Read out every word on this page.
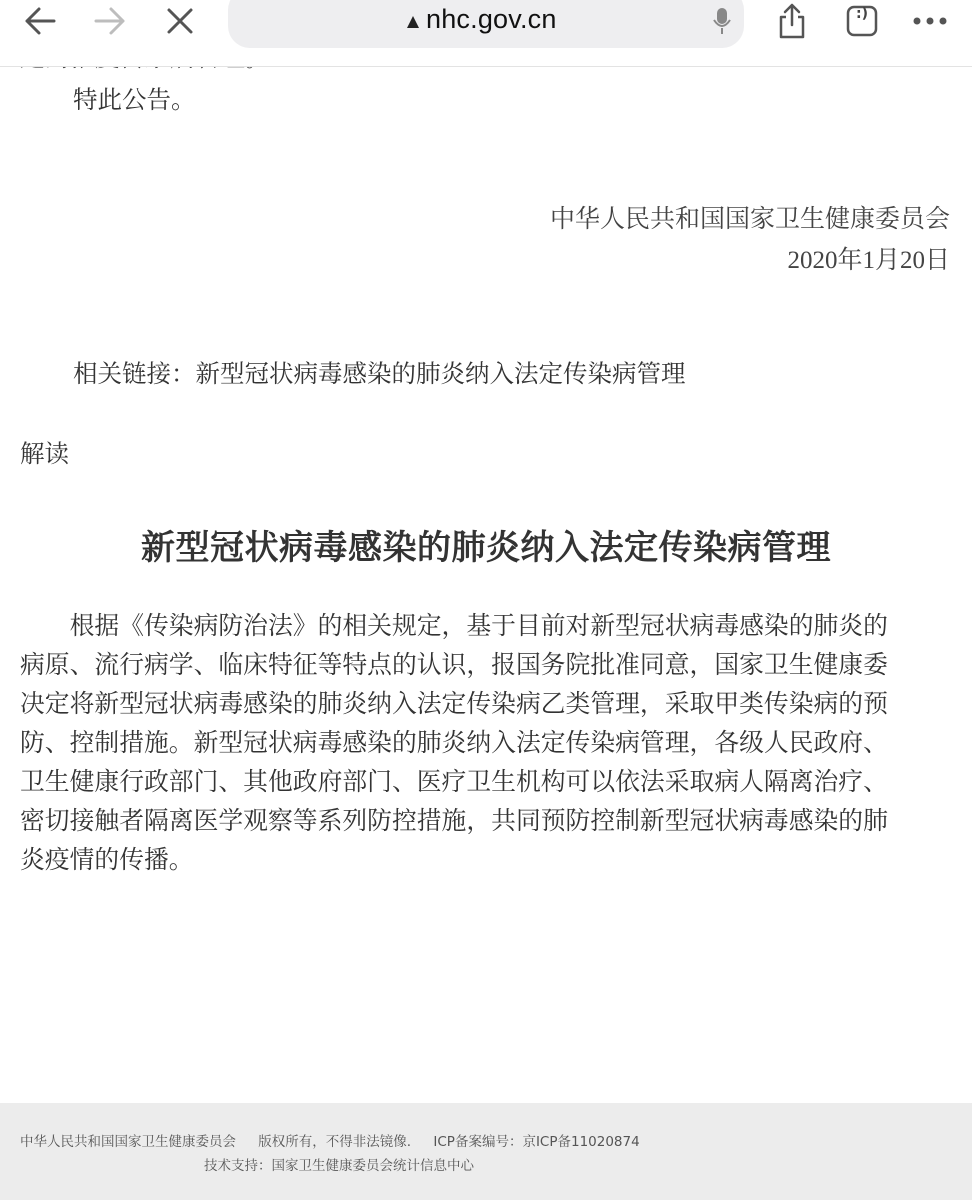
nhc.gov.cn	:)

特此公告。

中华人民共和国国家卫生健康委员会
2020年1月20日

相关链接：新型冠状病毒感染的肺炎纳入法定传染病管理

解读

新型冠状病毒感染的肺炎纳入法定传染病管理
　　根据《传染病防治法》的相关规定，基于目前对新型冠状病毒感染的肺炎的
病原、流行病学、临床特征等特点的认识，报国务院批准同意，国家卫生健康委
决定将新型冠状病毒感染的肺炎纳入法定传染病乙类管理，采取甲类传染病的预
防、控制措施。新型冠状病毒感染的肺炎纳入法定传染病管理，各级人民政府、
卫生健康行政部门、其他政府部门、医疗卫生机构可以依法采取病人隔离治疗、
密切接触者隔离医学观察等系列防控措施，共同预防控制新型冠状病毒感染的肺
炎疫情的传播。
中华人民共和国国家卫生健康委员会 版权所有，不得非法镜像. ICP备案编号：京ICP备11020874
技术支持：国家卫生健康委员会统计信息中心
